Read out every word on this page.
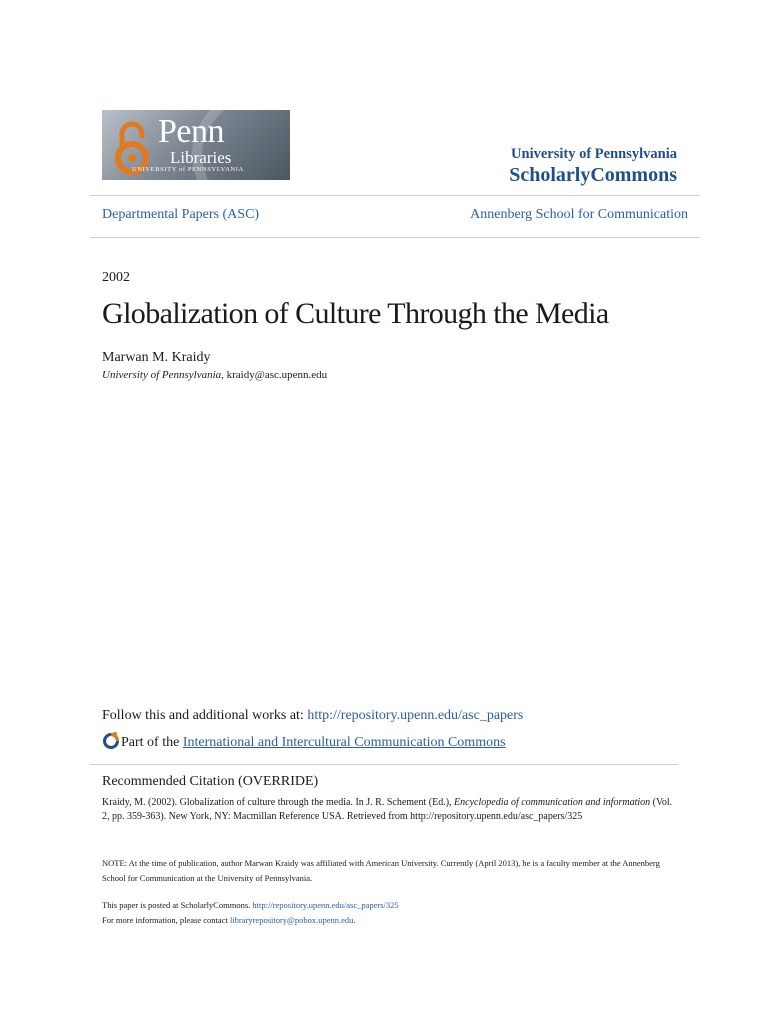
Penn
Libraries
UNIVERSITY of PENNSYLVANIA
University of Pennsylvania
ScholarlyCommons
Departmental Papers (ASC)	Annenberg School for Communication
2002
Globalization of Culture Through the Media
Marwan M. Kraidy
University of Pennsylvania, kraidy@asc.upenn.edu
Follow this and additional works at: http://repository.upenn.edu/asc_papers
Part of the International and Intercultural Communication Commons
Recommended Citation (OVERRIDE)
Kraidy, M. (2002). Globalization of culture through the media. In J. R. Schement (Ed.), Encyclopedia of communication and information (Vol. 2, pp. 359-363). New York, NY: Macmillan Reference USA. Retrieved from http://repository.upenn.edu/asc_papers/325
NOTE: At the time of publication, author Marwan Kraidy was affiliated with American University. Currently (April 2013), he is a faculty member at the Annenberg School for Communication at the University of Pennsylvania.
This paper is posted at ScholarlyCommons. http://repository.upenn.edu/asc_papers/325
For more information, please contact libraryrepository@pobox.upenn.edu.
